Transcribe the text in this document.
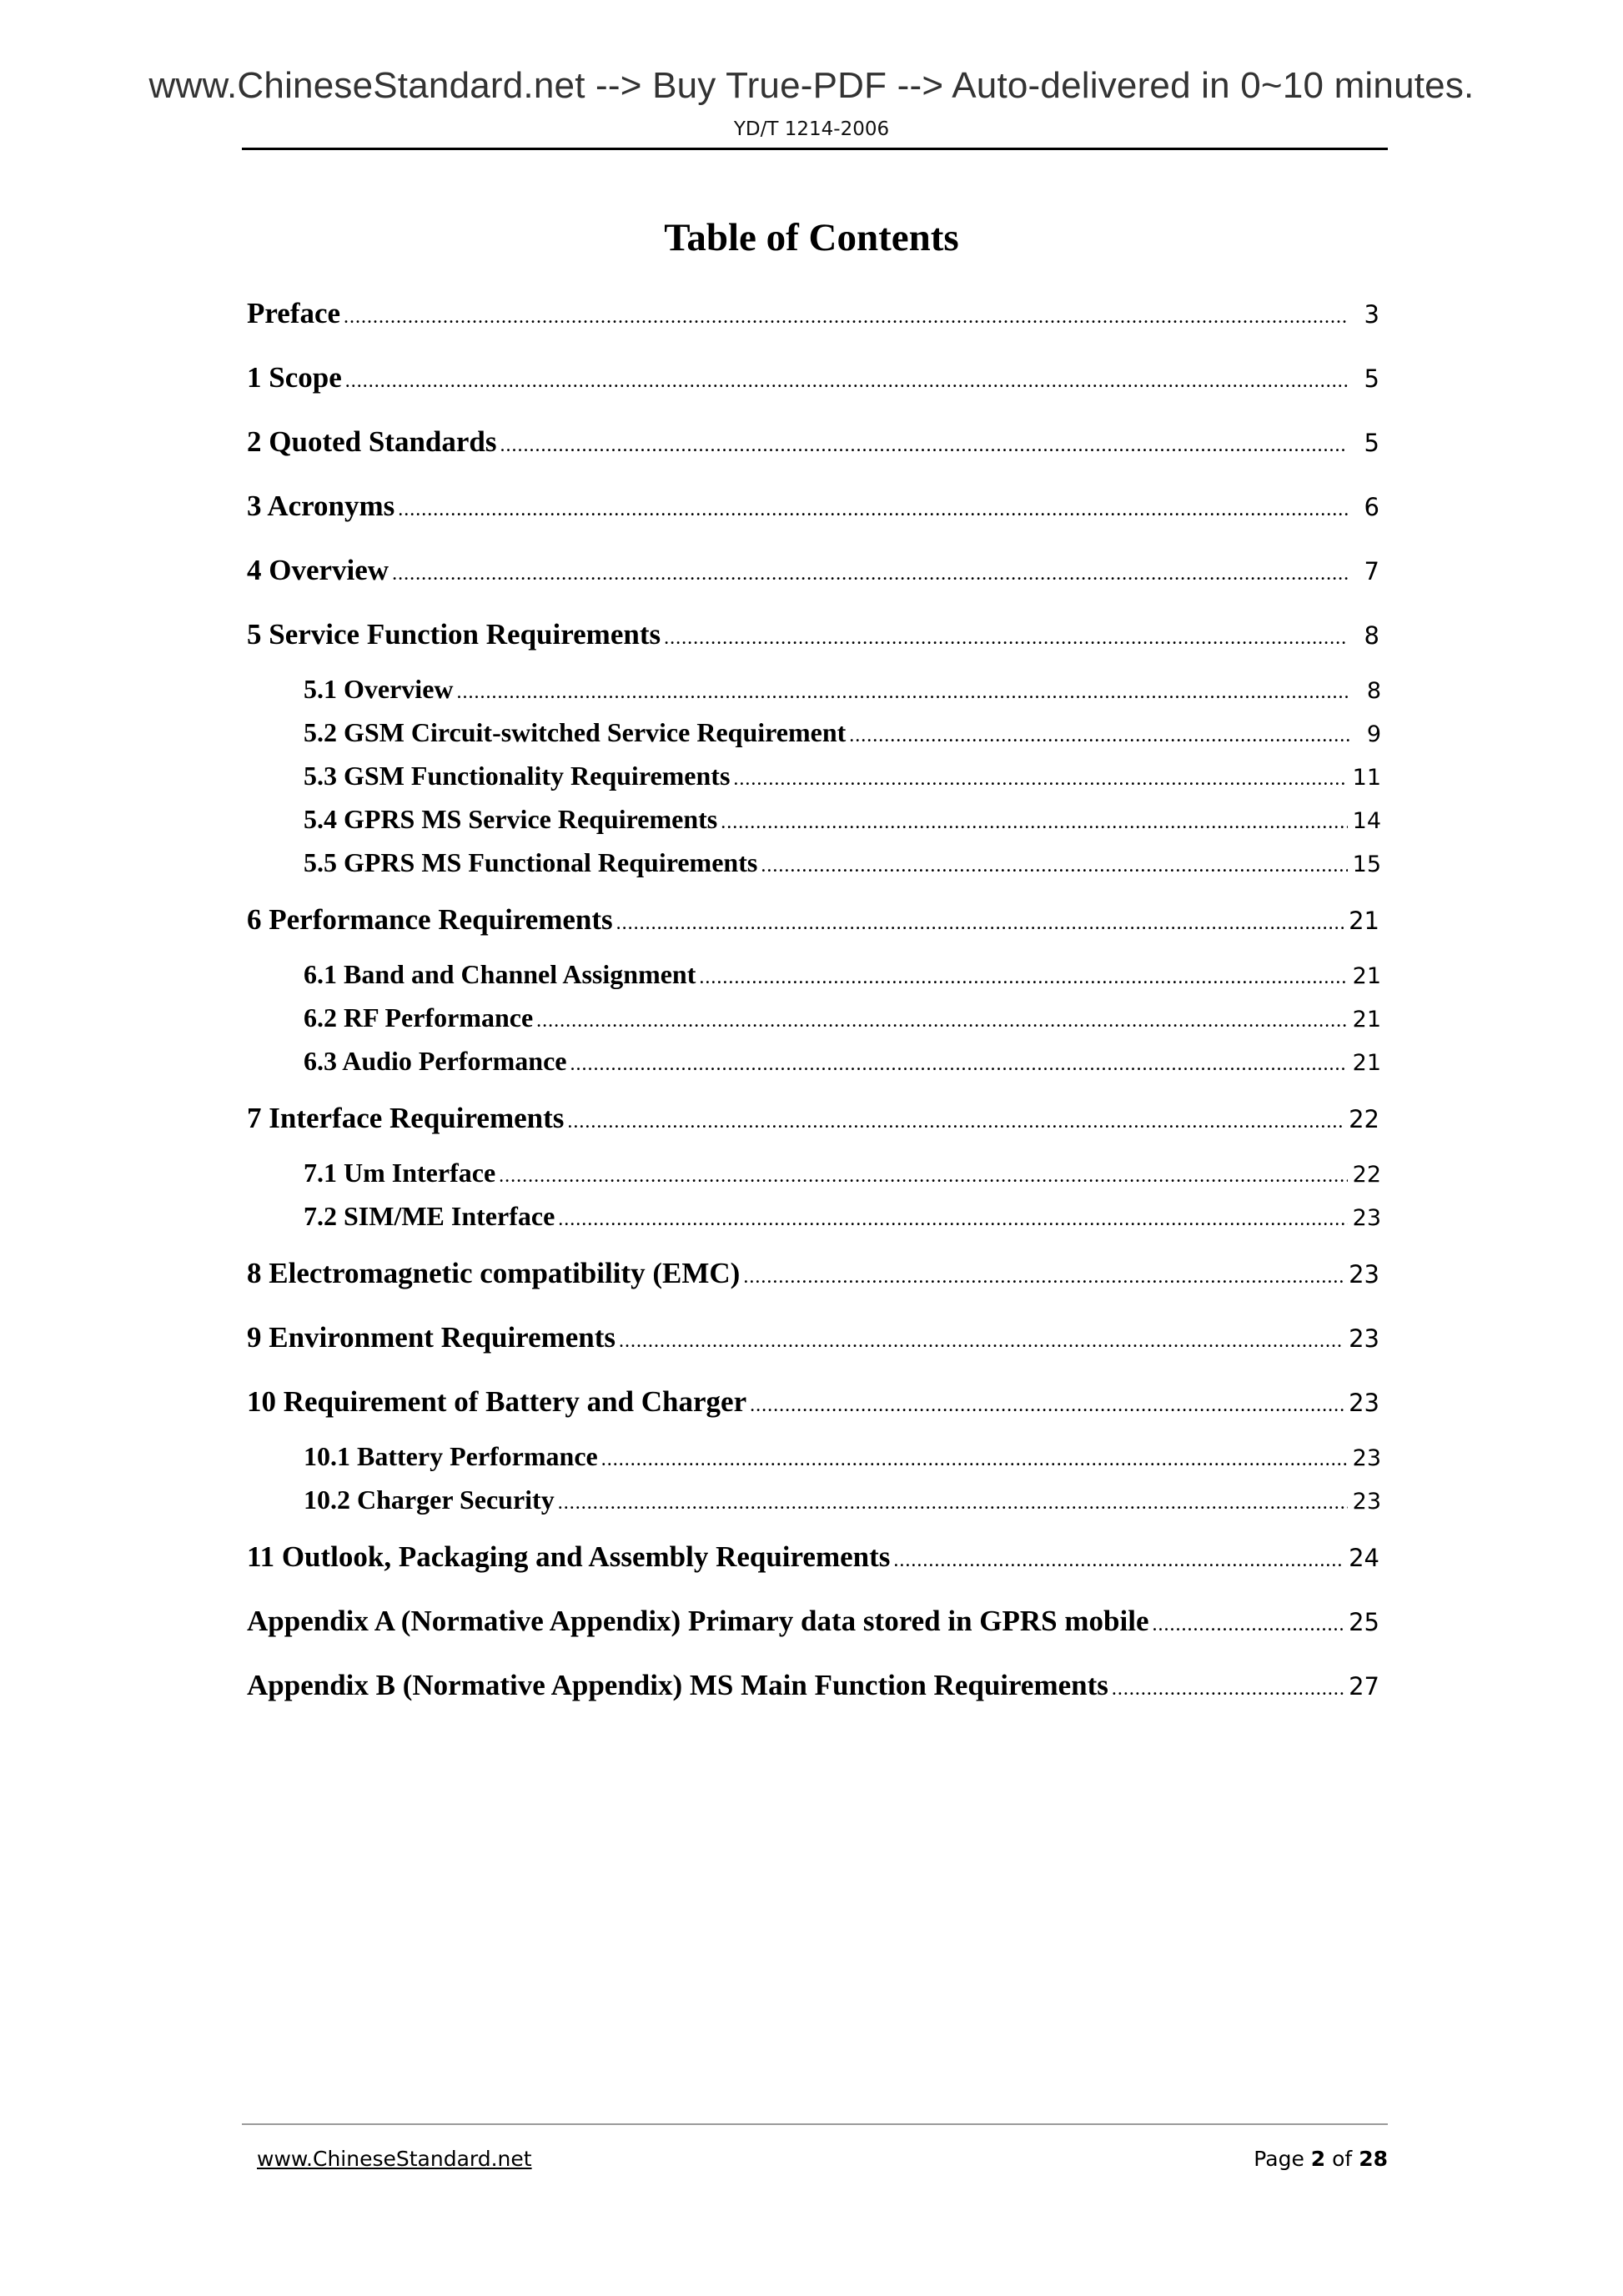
www.ChineseStandard.net --> Buy True-PDF --> Auto-delivered in 0~10 minutes.
YD/T 1214-2006
Table of Contents
Preface .....	3
1 Scope .....	5
2 Quoted Standards .....	5
3 Acronyms .....	6
4 Overview .....	7
5 Service Function Requirements .....	8
5.1 Overview .....	8
5.2 GSM Circuit-switched Service Requirement .....	9
5.3 GSM Functionality Requirements .....	11
5.4 GPRS MS Service Requirements .....	14
5.5 GPRS MS Functional Requirements .....	15
6 Performance Requirements .....	21
6.1 Band and Channel Assignment .....	21
6.2 RF Performance .....	21
6.3 Audio Performance .....	21
7 Interface Requirements .....	22
7.1 Um Interface .....	22
7.2 SIM/ME Interface .....	23
8 Electromagnetic compatibility (EMC) .....	23
9 Environment Requirements .....	23
10 Requirement of Battery and Charger .....	23
10.1 Battery Performance .....	23
10.2 Charger Security .....	23
11 Outlook, Packaging and Assembly Requirements .....	24
Appendix A (Normative Appendix) Primary data stored in GPRS mobile .....	25
Appendix B (Normative Appendix) MS Main Function Requirements .....	27
www.ChineseStandard.net	Page 2 of 28
